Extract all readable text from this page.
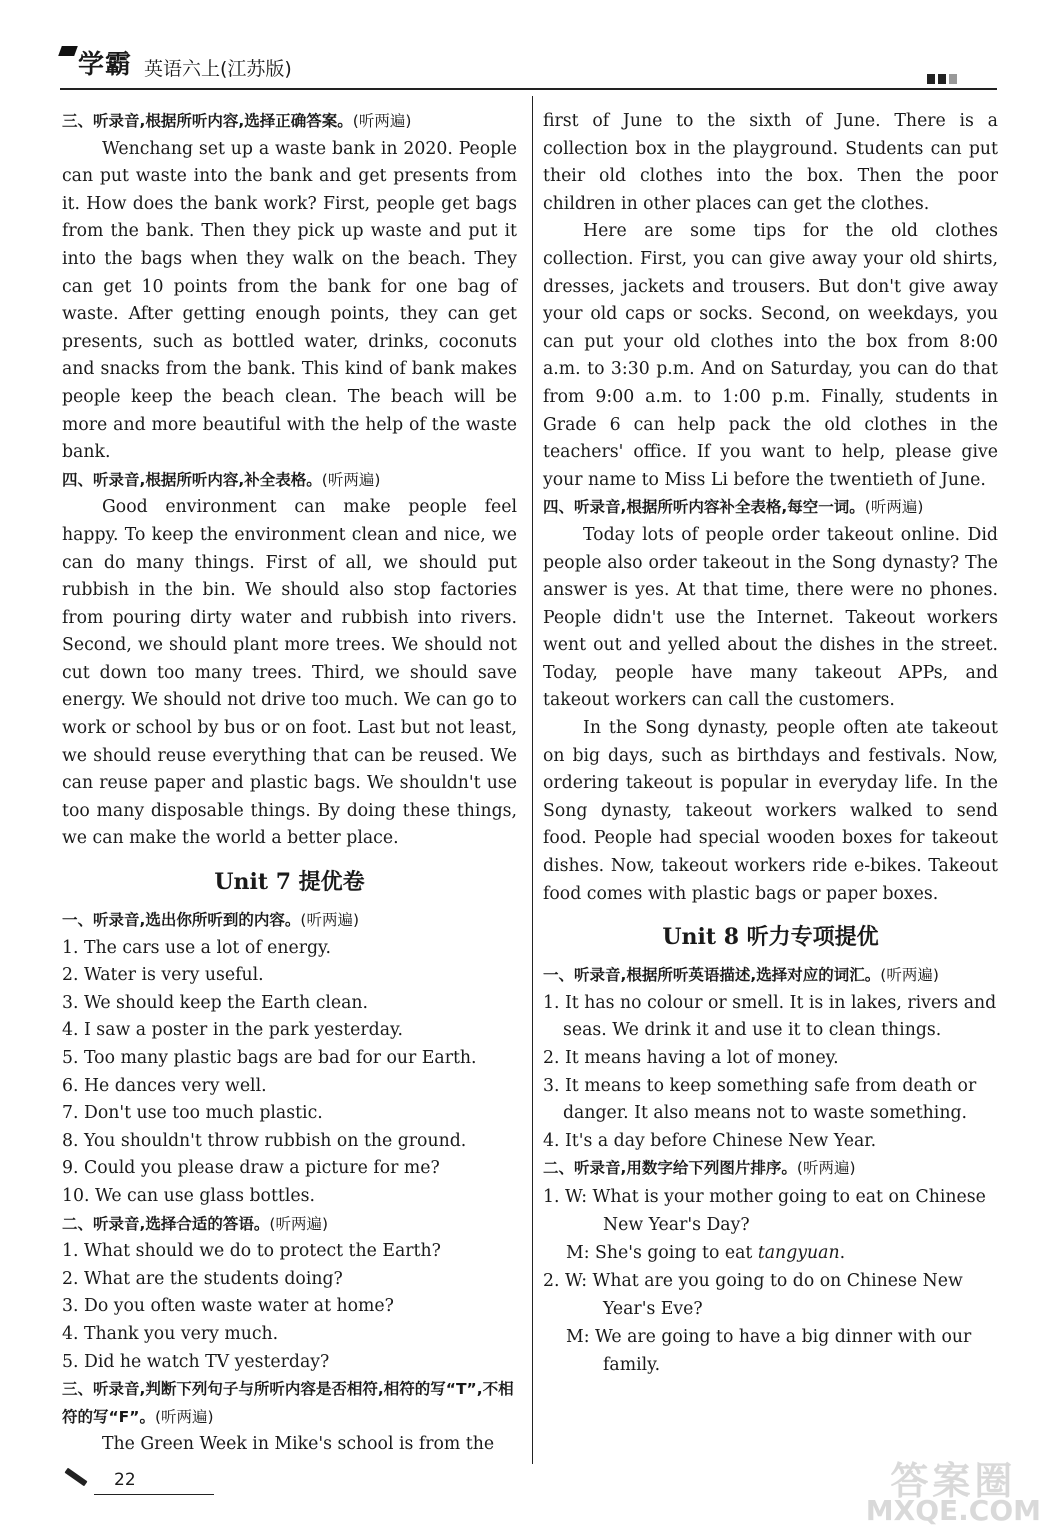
学霸 英语六上(江苏版)

三、听录音,根据所听内容,选择正确答案。(听两遍)

Wenchang set up a waste bank in 2020. People can put waste into the bank and get presents from it. How does the bank work? First, people get bags from the bank. Then they pick up waste and put it into the bags when they walk on the beach. They can get 10 points from the bank for one bag of waste. After getting enough points, they can get presents, such as bottled water, drinks, coconuts and snacks from the bank. This kind of bank makes people keep the beach clean. The beach will be more and more beautiful with the help of the waste bank.

四、听录音,根据所听内容,补全表格。(听两遍)

Good environment can make people feel happy. To keep the environment clean and nice, we can do many things. First of all, we should put rubbish in the bin. We should also stop factories from pouring dirty water and rubbish into rivers. Second, we should plant more trees. We should not cut down too many trees. Third, we should save energy. We should not drive too much. We can go to work or school by bus or on foot. Last but not least, we should reuse everything that can be reused. We can reuse paper and plastic bags. We shouldn't use too many disposable things. By doing these things, we can make the world a better place.

Unit 7 提优卷

一、听录音,选出你所听到的内容。(听两遍)

1. The cars use a lot of energy.

2. Water is very useful.

3. We should keep the Earth clean.

4. I saw a poster in the park yesterday.

5. Too many plastic bags are bad for our Earth.

6. He dances very well.

7. Don't use too much plastic.

8. You shouldn't throw rubbish on the ground.

9. Could you please draw a picture for me?

10. We can use glass bottles.

二、听录音,选择合适的答语。(听两遍)

1. What should we do to protect the Earth?

2. What are the students doing?

3. Do you often waste water at home?

4. Thank you very much.

5. Did he watch TV yesterday?

三、听录音,判断下列句子与所听内容是否相符,相符的写“T”,不相符的写“F”。(听两遍)

The Green Week in Mike's school is from the

first of June to the sixth of June. There is a collection box in the playground. Students can put their old clothes into the box. Then the poor children in other places can get the clothes.

Here are some tips for the old clothes collection. First, you can give away your old shirts, dresses, jackets and trousers. But don't give away your old caps or socks. Second, on weekdays, you can put your old clothes into the box from 8:00 a.m. to 3:30 p.m. And on Saturday, you can do that from 9:00 a.m. to 1:00 p.m. Finally, students in Grade 6 can help pack the old clothes in the teachers' office. If you want to help, please give your name to Miss Li before the twentieth of June.

四、听录音,根据所听内容补全表格,每空一词。(听两遍)

Today lots of people order takeout online. Did people also order takeout in the Song dynasty? The answer is yes. At that time, there were no phones. People didn't use the Internet. Takeout workers went out and yelled about the dishes in the street. Today, people have many takeout APPs, and takeout workers can call the customers.

In the Song dynasty, people often ate takeout on big days, such as birthdays and festivals. Now, ordering takeout is popular in everyday life. In the Song dynasty, takeout workers walked to send food. People had special wooden boxes for takeout dishes. Now, takeout workers ride e-bikes. Takeout food comes with plastic bags or paper boxes.

Unit 8 听力专项提优

一、听录音,根据所听英语描述,选择对应的词汇。(听两遍)

1. It has no colour or smell. It is in lakes, rivers and seas. We drink it and use it to clean things.

2. It means having a lot of money.

3. It means to keep something safe from death or danger. It also means not to waste something.

4. It's a day before Chinese New Year.

二、听录音,用数字给下列图片排序。(听两遍)

1. W: What is your mother going to eat on Chinese New Year's Day?

M: She's going to eat tangyuan.

2. W: What are you going to do on Chinese New Year's Eve?

M: We are going to have a big dinner with our family.

22	答案圈
MXQE.COM
